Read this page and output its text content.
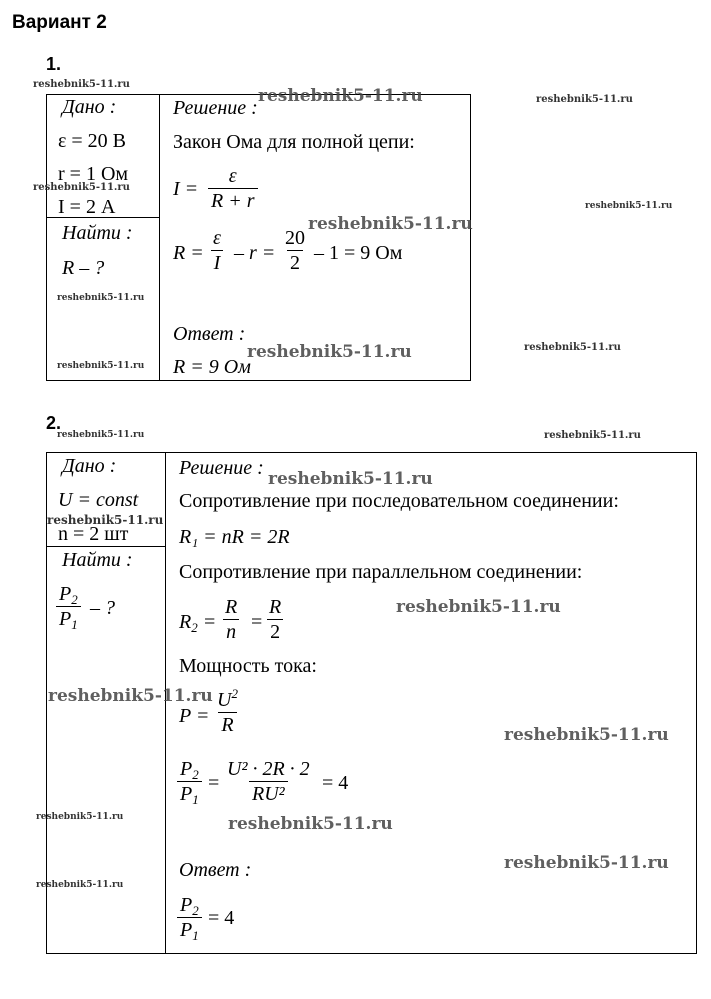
Вариант 2
1.
Дано :
ε = 20 В
r = 1 Ом
I = 2 А
Найти :
R – ?
Решение :
Закон Ома для полной цепи:
$I = \frac{\varepsilon}{R + r}$
$R = \frac{\varepsilon}{I} - r = \frac{20}{2} - 1 = 9$ Ом
Ответ :
R = 9 Ом
2.
Дано :
U = const
n = 2 шт
Найти :
$\frac{P_2}{P_1}$ – ?
Решение :
Сопротивление при последовательном соединении:
R₁ = nR = 2R
Сопротивление при параллельном соединении:
$R_2 = \frac{R}{n} = \frac{R}{2}$
Мощность тока:
$P = \frac{U^2}{R}$
$\frac{P_2}{P_1} = \frac{\text{U² · 2R · 2}}{\text{RU²}} = 4$
Ответ :
$\frac{P_2}{P_1} = 4$
reshebnik5-11.ru
reshebnik5-11.ru	reshebnik5-11.ru
reshebnik5-11.ru
reshebnik5-11.ru
reshebnik5-11.ru
reshebnik5-11.ru
reshebnik5-11.ru	reshebnik5-11.ru
reshebnik5-11.ru
reshebnik5-11.ru	reshebnik5-11.ru
reshebnik5-11.ru
reshebnik5-11.ru
reshebnik5-11.ru
reshebnik5-11.ru
reshebnik5-11.ru
reshebnik5-11.ru	reshebnik5-11.ru
reshebnik5-11.ru
reshebnik5-11.ru
